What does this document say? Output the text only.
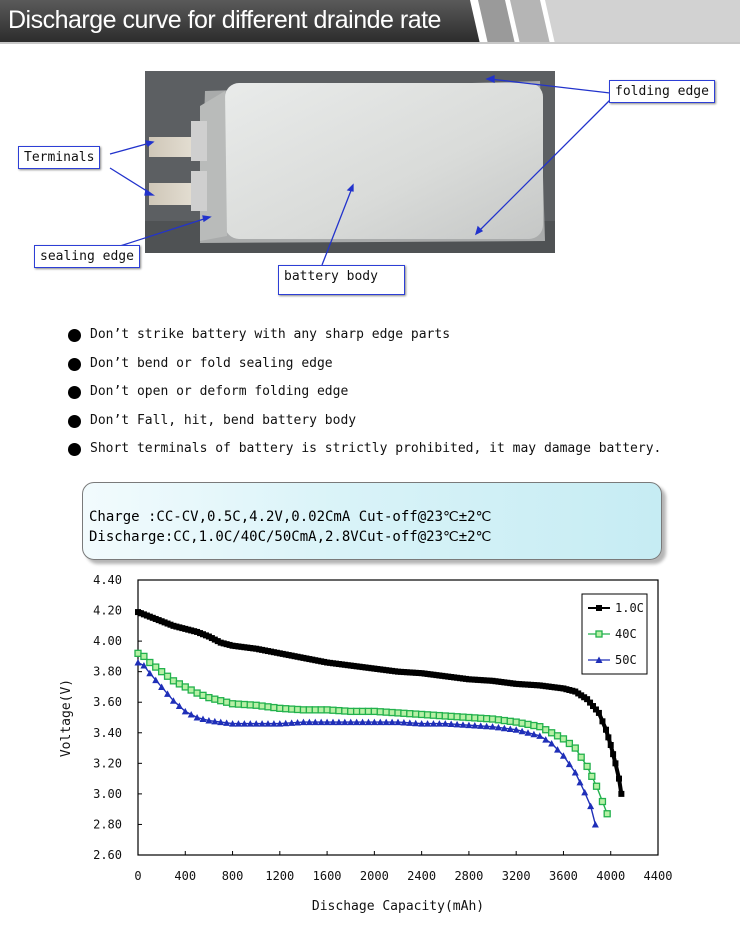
Discharge curve for different drainde rate
Terminals
sealing edge
battery body
folding edge
Don’t strike battery with any sharp edge parts
Don’t bend or fold sealing edge
Don’t open or deform folding edge
Don’t Fall, hit, bend battery body
Short terminals of battery is strictly prohibited, it may damage battery.
Charge :CC-CV,0.5C,4.2V,0.02CmA Cut-off@23℃±2℃
Discharge:CC,1.0C/40C/50CmA,2.8VCut-off@23℃±2℃
2.60
2.80
3.00
3.20
3.40
3.60
3.80
4.00
4.20
4.40
0	400 800 1200 1600 2000 2400 2800 3200 3600 4000 4400
1.0C
40C
50C
Dischage Capacity(mAh)
Voltage(V)
